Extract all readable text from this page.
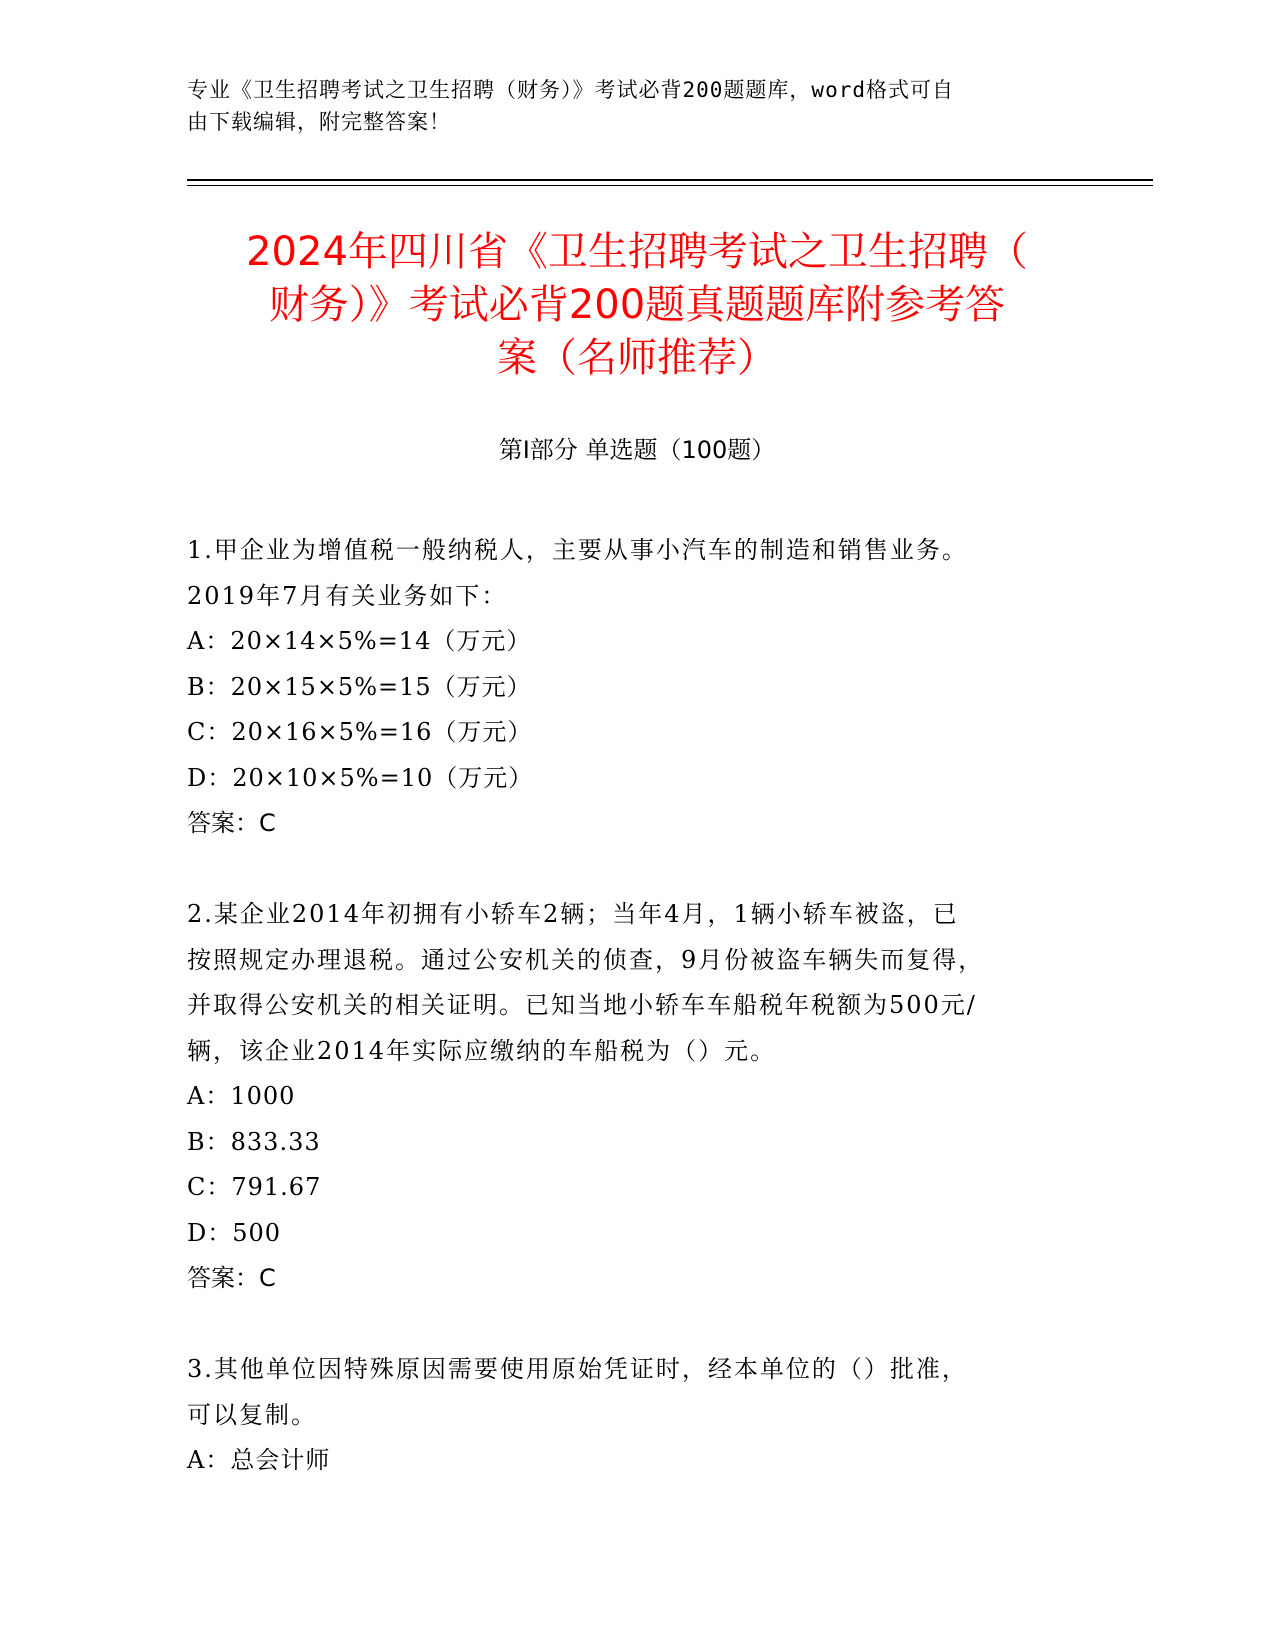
专业《卫生招聘考试之卫生招聘（财务）》考试必背200题题库，word格式可自
由下载编辑，附完整答案！
2024年四川省《卫生招聘考试之卫生招聘（
财务）》考试必背200题真题题库附参考答
案（名师推荐）
第Ⅰ部分 单选题（100题）

1.甲企业为增值税一般纳税人，主要从事小汽车的制造和销售业务。

2019年7月有关业务如下：

A：20×14×5%=14（万元）

B：20×15×5%=15（万元）

C：20×16×5%=16（万元）

D：20×10×5%=10（万元）

答案：C

2.某企业2014年初拥有小轿车2辆；当年4月，1辆小轿车被盗，已

按照规定办理退税。通过公安机关的侦查，9月份被盗车辆失而复得，

并取得公安机关的相关证明。已知当地小轿车车船税年税额为500元/

辆，该企业2014年实际应缴纳的车船税为（）元。

A：1000

B：833.33

C：791.67

D：500

答案：C

3.其他单位因特殊原因需要使用原始凭证时，经本单位的（）批准，

可以复制。

A：总会计师
